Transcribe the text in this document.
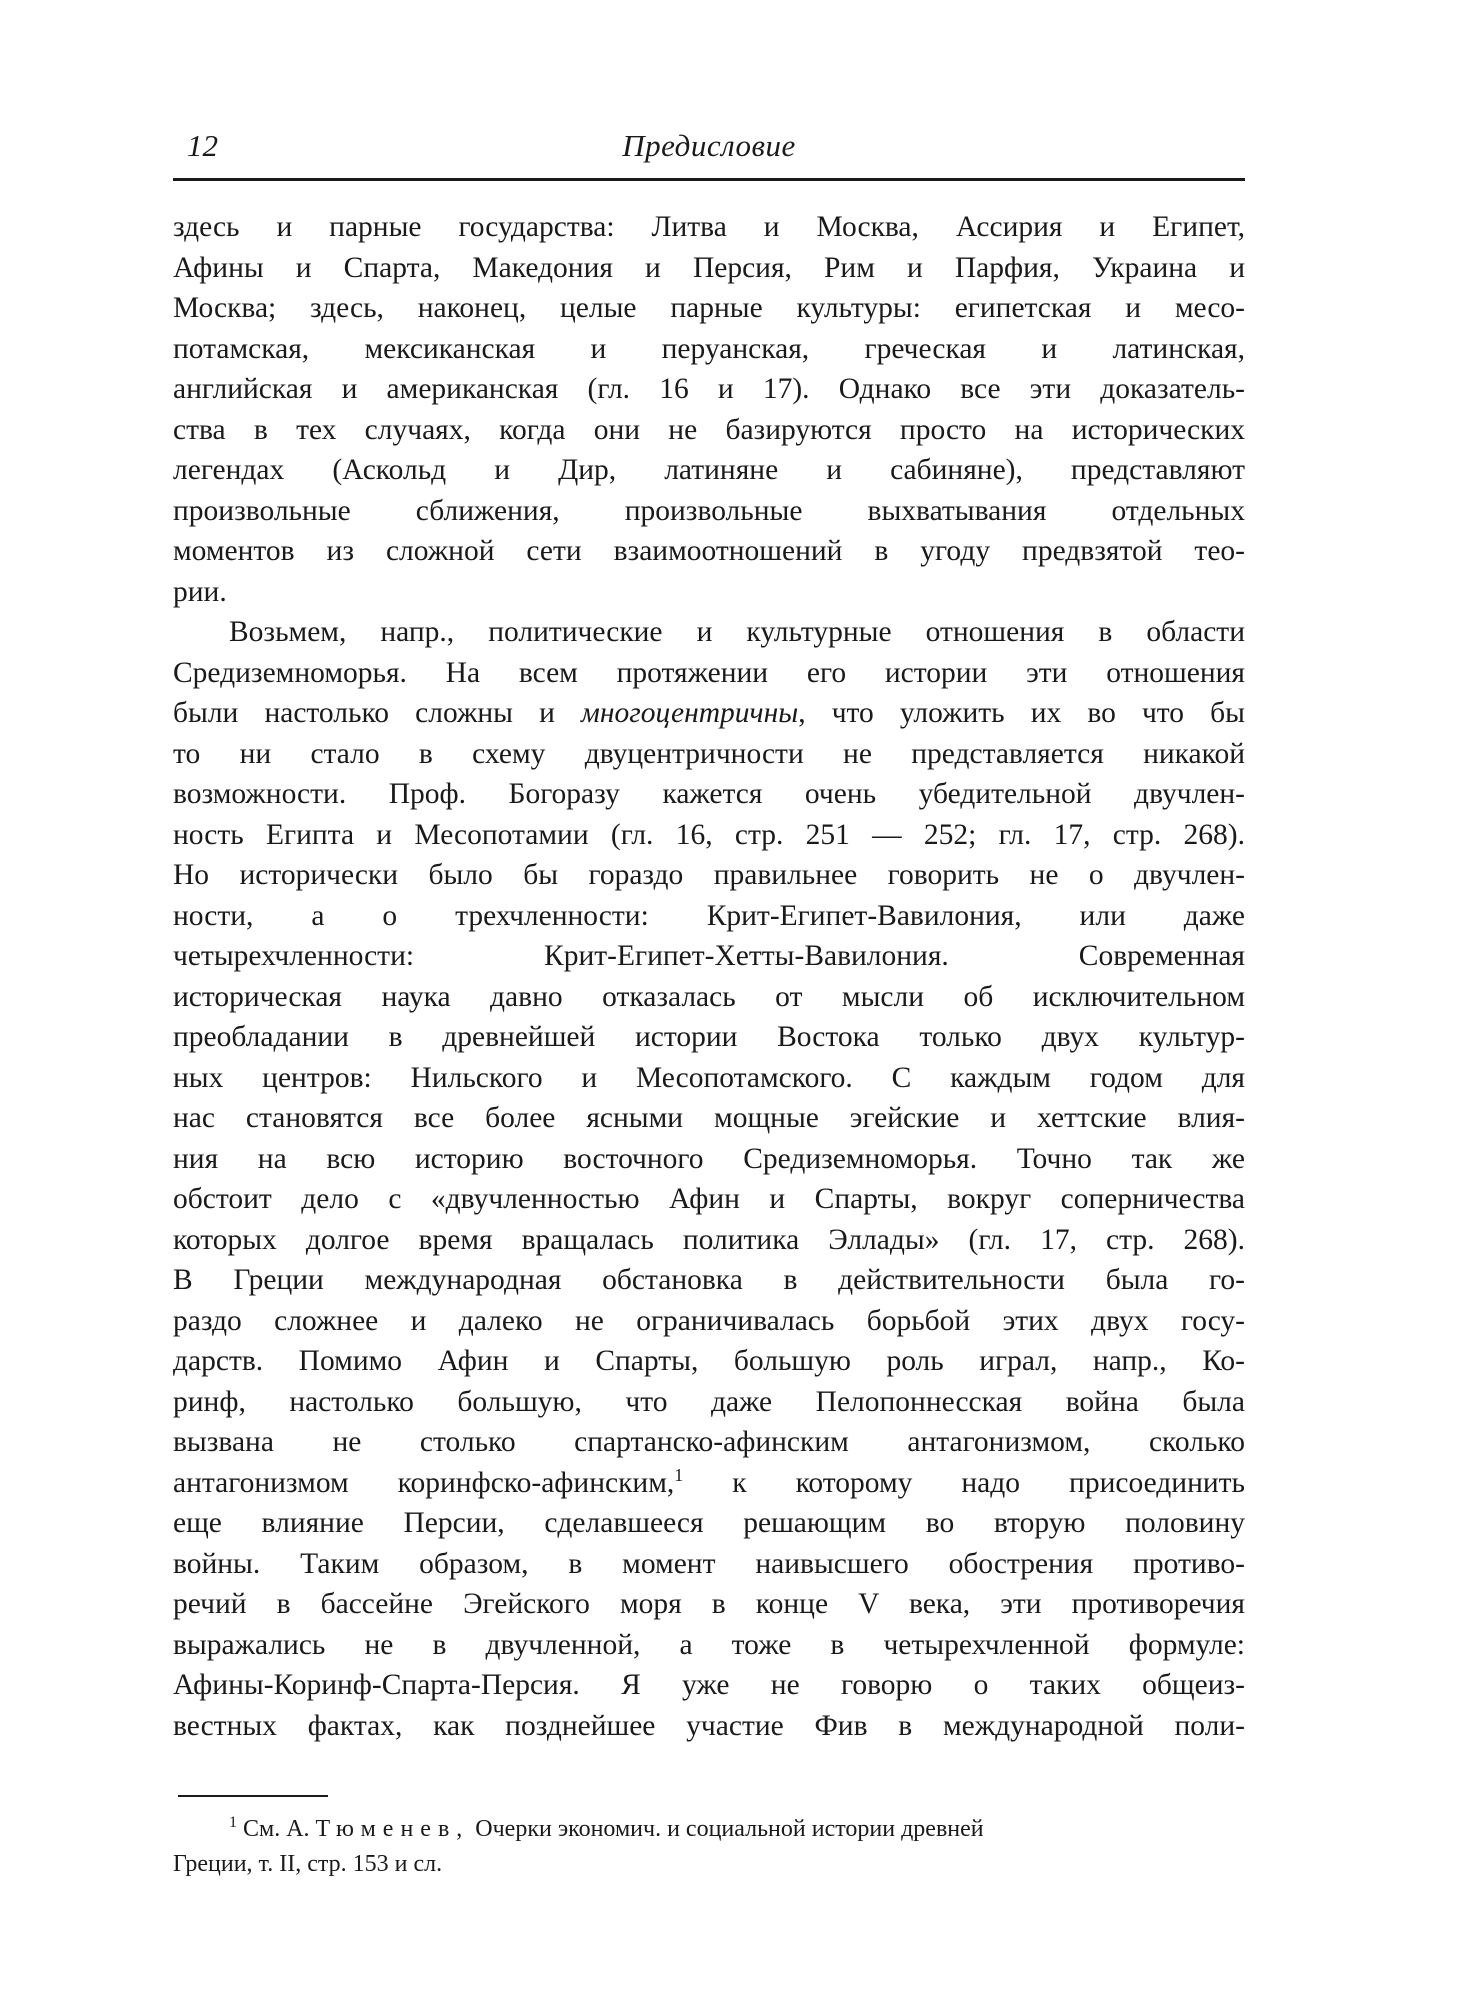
12	Предисловие
здесь и парные государства: Литва и Москва, Ассирия и Египет,
Афины и Спарта, Македония и Персия, Рим и Парфия, Украина и
Москва; здесь, наконец, целые парные культуры: египетская и месо-
потамская, мексиканская и перуанская, греческая и латинская,
английская и американская (гл. 16 и 17). Однако все эти доказатель-
ства в тех случаях, когда они не базируются просто на исторических
легендах (Аскольд и Дир, латиняне и сабиняне), представляют
произвольные сближения, произвольные выхватывания отдельных
моментов из сложной сети взаимоотношений в угоду предвзятой тео-
рии.
Возьмем, напр., политические и культурные отношения в области
Средиземноморья. На всем протяжении его истории эти отношения
были настолько сложны и многоцентричны, что уложить их во что бы
то ни стало в схему двуцентричности не представляется никакой
возможности. Проф. Богоразу кажется очень убедительной двучлен-
ность Египта и Месопотамии (гл. 16, стр. 251 — 252; гл. 17, стр. 268).
Но исторически было бы гораздо правильнее говорить не о двучлен-
ности, а о трехчленности: Крит-Египет-Вавилония, или даже
четырехчленности: Крит-Египет-Хетты-Вавилония. Современная
историческая наука давно отказалась от мысли об исключительном
преобладании в древнейшей истории Востока только двух культур-
ных центров: Нильского и Месопотамского. С каждым годом для
нас становятся все более ясными мощные эгейские и хеттские влия-
ния на всю историю восточного Средиземноморья. Точно так же
обстоит дело с «двучленностью Афин и Спарты, вокруг соперничества
которых долгое время вращалась политика Эллады» (гл. 17, стр. 268).
В Греции международная обстановка в действительности была го-
раздо сложнее и далеко не ограничивалась борьбой этих двух госу-
дарств. Помимо Афин и Спарты, большую роль играл, напр., Ко-
ринф, настолько большую, что даже Пелопоннесская война была
вызвана не столько спартанско-афинским антагонизмом, сколько
антагонизмом коринфско-афинским,$^1$ к которому надо присоединить
еще влияние Персии, сделавшееся решающим во вторую половину
войны. Таким образом, в момент наивысшего обострения противо-
речий в бассейне Эгейского моря в конце V века, эти противоречия
выражались не в двучленной, а тоже в четырехчленной формуле:
Афины-Коринф-Спарта-Персия. Я уже не говорю о таких общеиз-
вестных фактах, как позднейшее участие Фив в международной поли-
$^1$ См. А. Тюменев, Очерки экономич. и социальной истории древней
Греции, т. II, стр. 153 и сл.
